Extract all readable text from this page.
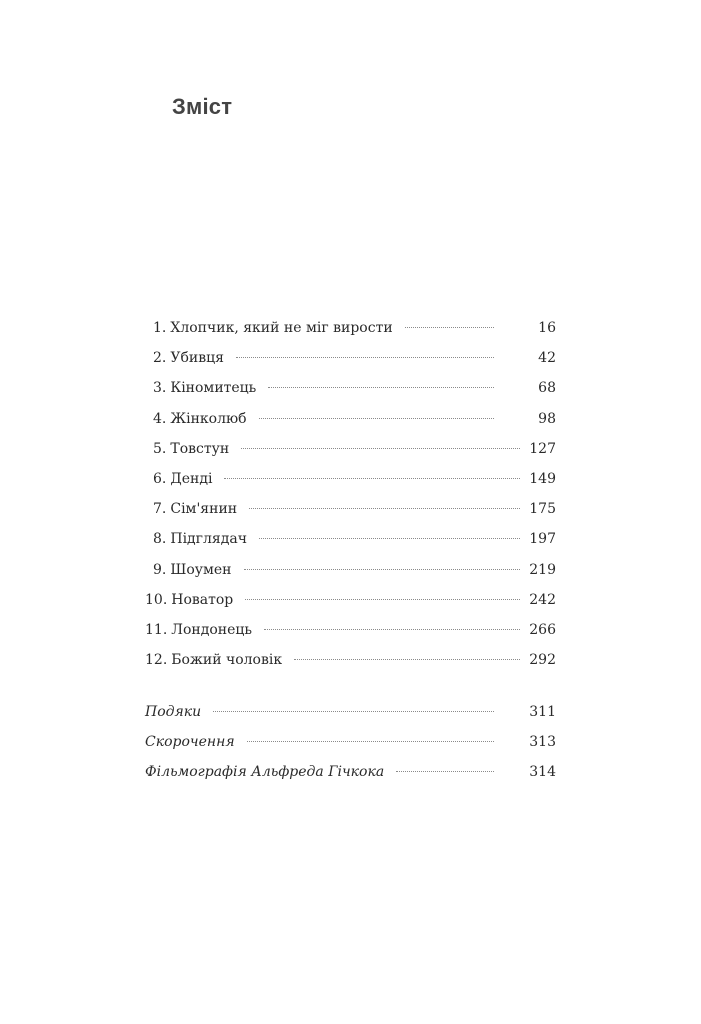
Зміст
1. Хлопчик, який не міг вирости	16
2. Убивця	42
3. Кіномитець	68
4. Жінколюб	98
5. Товстун	127
6. Денді	149
7. Сім'янин	175
8. Підглядач	197
9. Шоумен	219
10. Новатор	242
11. Лондонець	266
12. Божий чоловік	292
Подяки	311
Скорочення	313
Фільмографія Альфреда Гічкока	314
